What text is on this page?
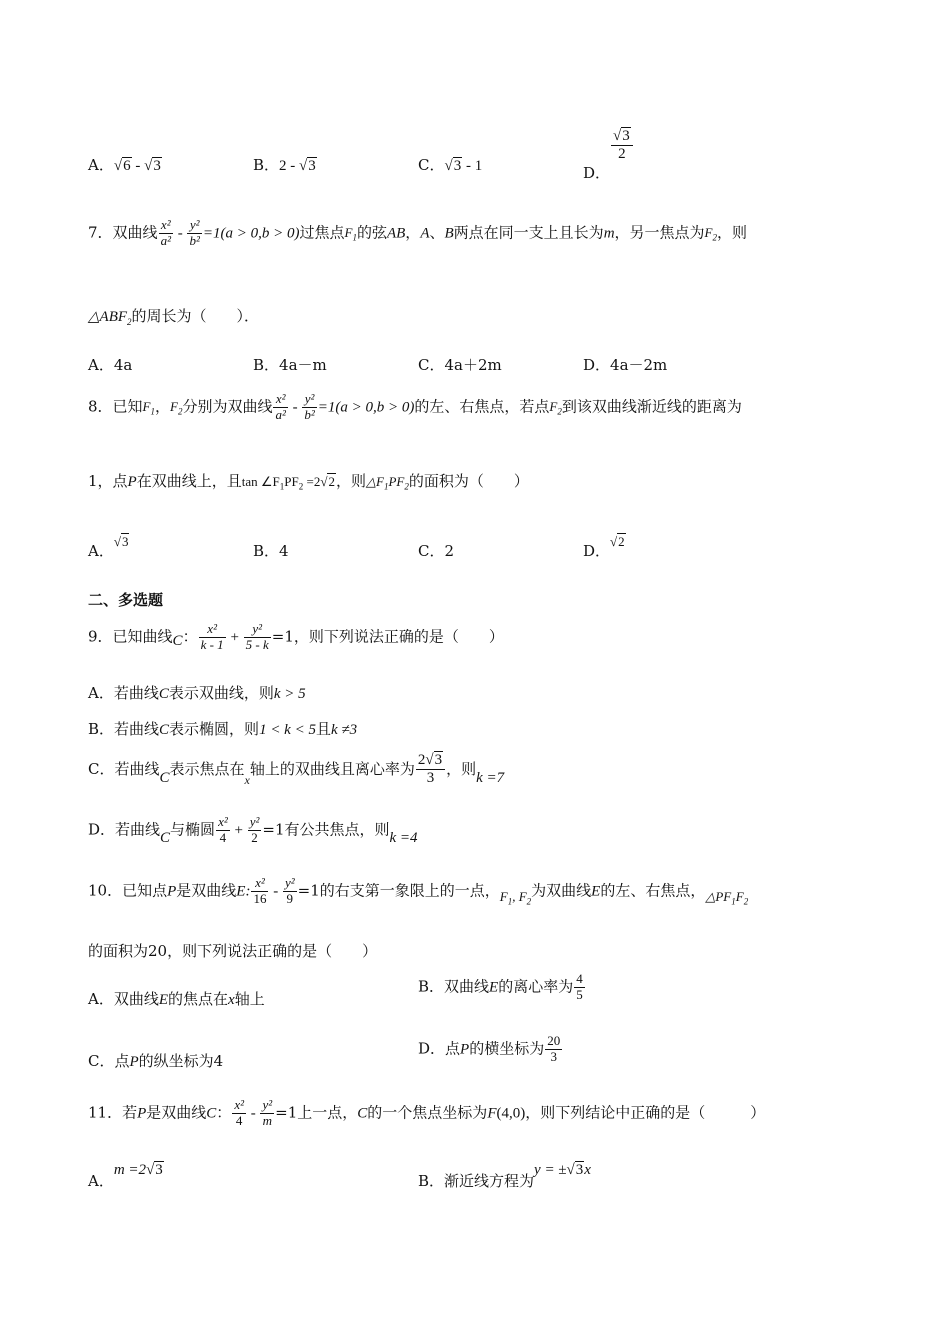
A．√6 - √3	B．2 - √3	C．√3 - 1	D．
$\frac{√3}{2}$
7．双曲线 $\frac{\text{x²}}{\text{a²}} - \frac{\text{y²}}{\text{b²}} =1(a > 0,b > 0)$过焦点$F_1$的弦AB，A、B两点在同一支上且长为m，另一焦点为$F_2$，则
$\triangle ABF_2$的周长为（　　）．
A．4a	B．4a－m	C．4a＋2m	D．4a－2m
8．已知$F_1$，$F_2$分别为双曲线 $\frac{\text{x²}}{\text{a²}} - \frac{\text{y²}}{\text{b²}} =1(a > 0,b > 0)$的左、右焦点，若点$F_2$到该双曲线渐近线的距离为
1，点P在双曲线上，且$\tan \angle F_1PF_2 =2√2$，则$\triangle F_1PF_2$的面积为（　　）
A．√3
B．4	C．2	D．√2
二、多选题
9．已知曲线C： $\frac{\text{x²}}{k - 1} + \frac{\text{y²}}{5 - k} =1$，则下列说法正确的是（　　）
A．若曲线C表示双曲线，则k > 5
B．若曲线C表示椭圆，则1 < k < 5且k ≠3
C．若曲线C表示焦点在$_x$轴上的双曲线且离心率为 $\frac{2√3}{3}$ ，则k =7
D．若曲线C与椭圆 $\frac{\text{x²}}{4} + \frac{\text{y²}}{2} =1$有公共焦点，则k =4
10．已知点P是双曲线E: $\frac{\text{x²}}{16} - \frac{\text{y²}}{9} =1$的右支第一象限上的一点，$F_1$, $F_2$为双曲线E的左、右焦点，$\triangle PF_1F_2$
的面积为20，则下列说法正确的是（　　）
A．双曲线E的焦点在x轴上
B．双曲线E的离心率为 $\frac{4}{5}$
C．点P的纵坐标为4
D．点P的横坐标为 $\frac{20}{3}$
11．若P是双曲线C： $\frac{\text{x²}}{4} - \frac{\text{y²}}{m} =1$上一点，C的一个焦点坐标为F(4,0)，则下列结论中正确的是（　　　）
A．m =2√3
B．渐近线方程为y = ±√3x
